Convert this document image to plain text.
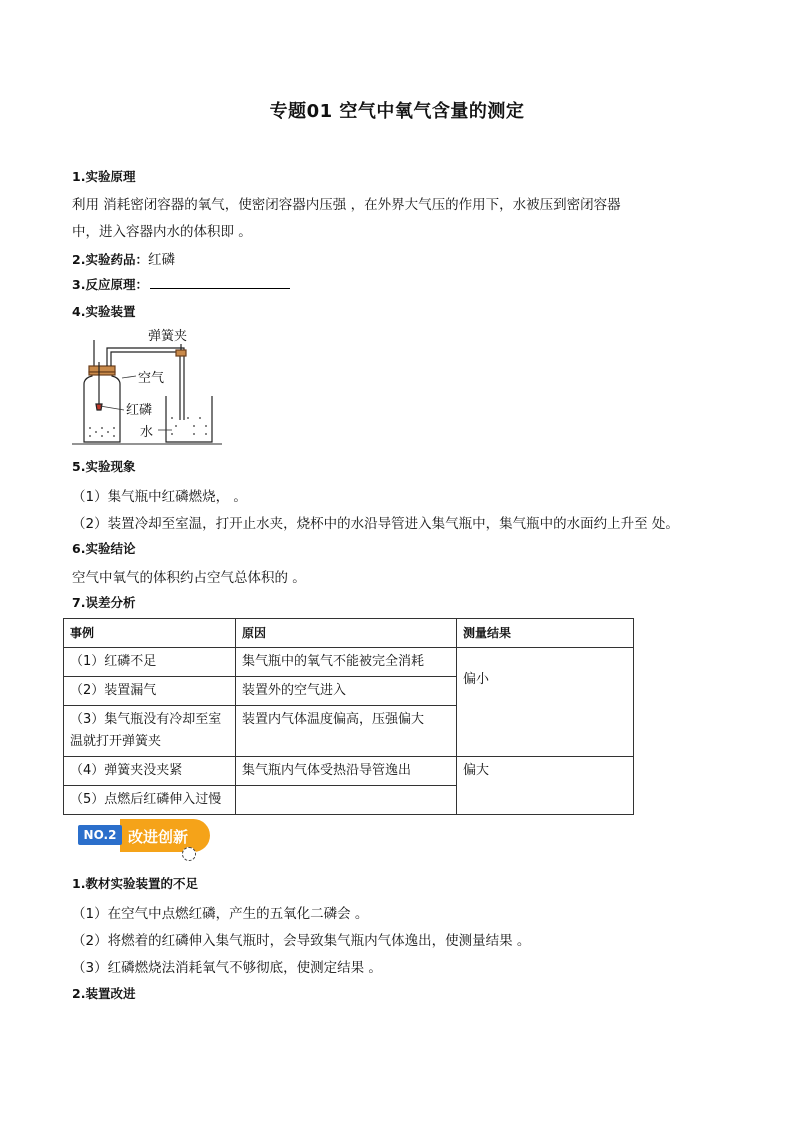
专题01 空气中氧气含量的测定
1.实验原理
利用 消耗密闭容器的氧气，使密闭容器内压强 ，在外界大气压的作用下，水被压到密闭容器
中，进入容器内水的体积即 。
2.实验药品：红磷
3.反应原理：
4.实验装置
弹簧夹
空气
红磷
水
5.实验现象
（1）集气瓶中红磷燃烧， 。
（2）装置冷却至室温，打开止水夹，烧杯中的水沿导管进入集气瓶中，集气瓶中的水面约上升至 处。
6.实验结论
空气中氧气的体积约占空气总体积的 。
7.误差分析
事例	原因	测量结果
（1）红磷不足	集气瓶中的氧气不能被完全消耗	偏小
（2）装置漏气	装置外的空气进入	
（3）集气瓶没有冷却至室温就打开弹簧夹	装置内气体温度偏高，压强偏大	
（4）弹簧夹没夹紧	集气瓶内气体受热沿导管逸出	偏大
（5）点燃后红磷伸入过慢		
NO.2 改进创新
1.教材实验装置的不足
（1）在空气中点燃红磷，产生的五氧化二磷会 。
（2）将燃着的红磷伸入集气瓶时，会导致集气瓶内气体逸出，使测量结果 。
（3）红磷燃烧法消耗氧气不够彻底，使测定结果 。
2.装置改进
